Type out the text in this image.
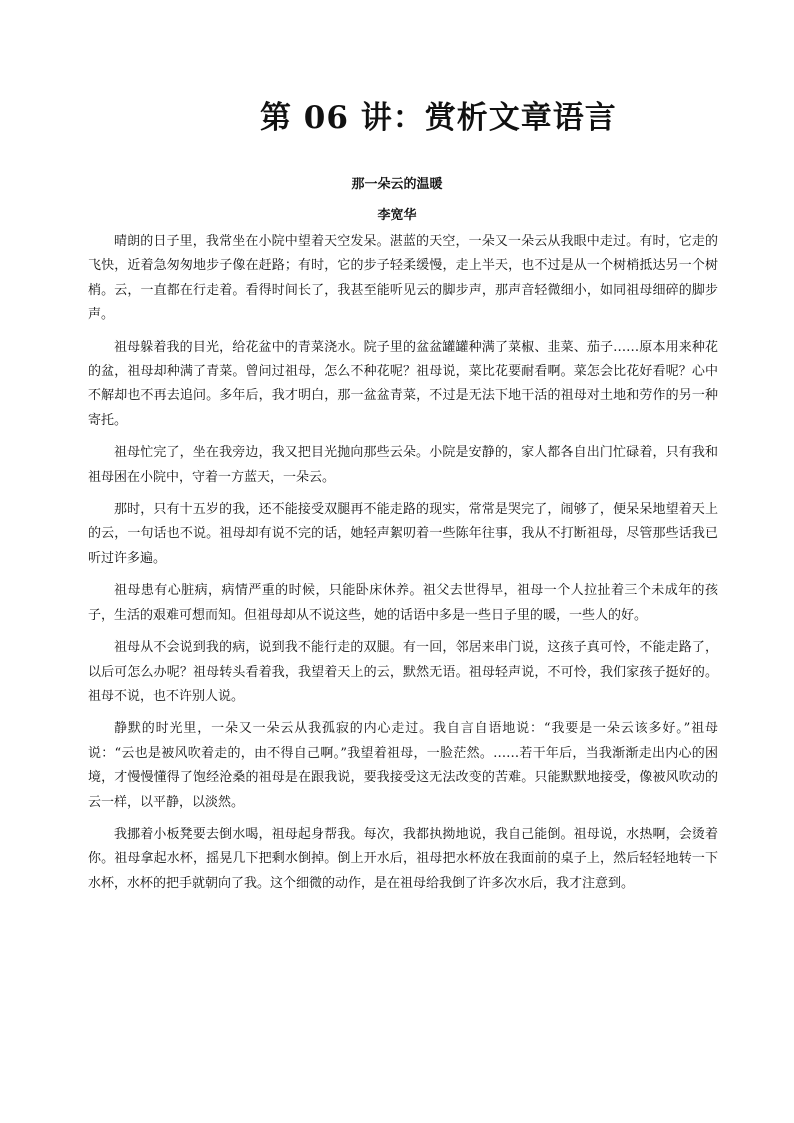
第 06 讲：赏析文章语言
那一朵云的温暖
李宽华

晴朗的日子里，我常坐在小院中望着天空发呆。湛蓝的天空，一朵又一朵云从我眼中走过。有时，它走的飞快，近着急匆匆地步子像在赶路；有时，它的步子轻柔缓慢，走上半天，也不过是从一个树梢抵达另一个树梢。云，一直都在行走着。看得时间长了，我甚至能听见云的脚步声，那声音轻微细小，如同祖母细碎的脚步声。

祖母躲着我的目光，给花盆中的青菜浇水。院子里的盆盆罐罐种满了菜椒、韭菜、茄子……原本用来种花的盆，祖母却种满了青菜。曾问过祖母，怎么不种花呢？祖母说，菜比花要耐看啊。菜怎会比花好看呢？心中不解却也不再去追问。多年后，我才明白，那一盆盆青菜，不过是无法下地干活的祖母对土地和劳作的另一种寄托。

祖母忙完了，坐在我旁边，我又把目光抛向那些云朵。小院是安静的，家人都各自出门忙碌着，只有我和祖母困在小院中，守着一方蓝天，一朵云。

那时，只有十五岁的我，还不能接受双腿再不能走路的现实，常常是哭完了，闹够了，便呆呆地望着天上的云，一句话也不说。祖母却有说不完的话，她轻声絮叨着一些陈年往事，我从不打断祖母，尽管那些话我已听过许多遍。

祖母患有心脏病，病情严重的时候，只能卧床休养。祖父去世得早，祖母一个人拉扯着三个未成年的孩子，生活的艰难可想而知。但祖母却从不说这些，她的话语中多是一些日子里的暖，一些人的好。

祖母从不会说到我的病，说到我不能行走的双腿。有一回，邻居来串门说，这孩子真可怜，不能走路了，以后可怎么办呢？祖母转头看着我，我望着天上的云，默然无语。祖母轻声说，不可怜，我们家孩子挺好的。祖母不说，也不许别人说。

静默的时光里，一朵又一朵云从我孤寂的内心走过。我自言自语地说：“我要是一朵云该多好。”祖母说：“云也是被风吹着走的，由不得自己啊。”我望着祖母，一脸茫然。……若干年后，当我渐渐走出内心的困境，才慢慢懂得了饱经沧桑的祖母是在跟我说，要我接受这无法改变的苦难。只能默默地接受，像被风吹动的云一样，以平静，以淡然。

我挪着小板凳要去倒水喝，祖母起身帮我。每次，我都执拗地说，我自己能倒。祖母说，水热啊，会烫着你。祖母拿起水杯，摇晃几下把剩水倒掉。倒上开水后，祖母把水杯放在我面前的桌子上，然后轻轻地转一下水杯，水杯的把手就朝向了我。这个细微的动作，是在祖母给我倒了许多次水后，我才注意到。
